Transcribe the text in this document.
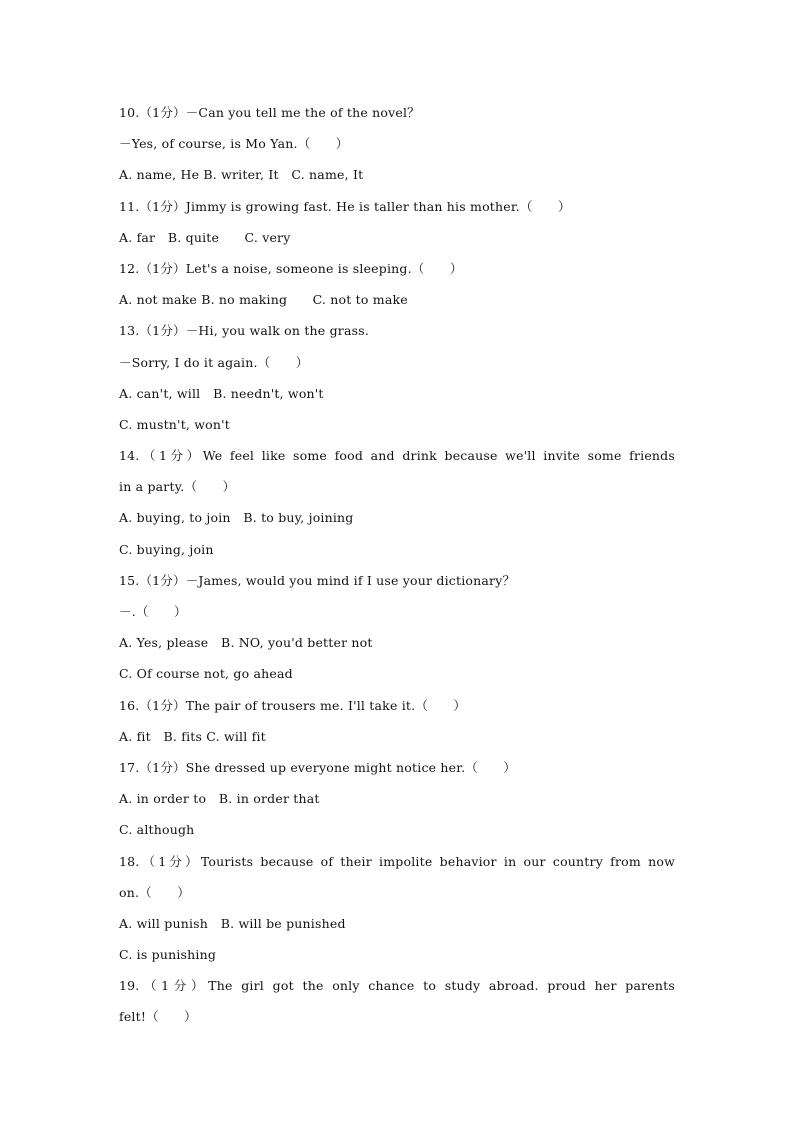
10.（1分）－Can you tell me the of the novel？
－Yes, of course, is Mo Yan.（　　）
A. name, He B. writer, It　C. name, It
11.（1分）Jimmy is growing fast. He is taller than his mother.（　　）
A. far　B. quite　　C. very
12.（1分）Let's a noise, someone is sleeping.（　　）
A. not make B. no making　　C. not to make
13.（1分）－Hi, you walk on the grass.
－Sorry, I do it again.（　　）
A. can't, will　B. needn't, won't
C. mustn't, won't
14.（1分）We feel like some food and drink because we'll invite some friends
in a party.（　　）
A. buying, to join　B. to buy, joining
C. buying, join
15.（1分）－James, would you mind if I use your dictionary？
－.（　　）
A. Yes, please　B. NO, you'd better not
C. Of course not, go ahead
16.（1分）The pair of trousers me. I'll take it.（　　）
A. fit　B. fits C. will fit
17.（1分）She dressed up everyone might notice her.（　　）
A. in order to　B. in order that
C. although
18.（1分）Tourists because of their impolite behavior in our country from now
on.（　　）
A. will punish　B. will be punished
C. is punishing
19.（1分）The girl got the only chance to study abroad. proud her parents
felt!（　　）
